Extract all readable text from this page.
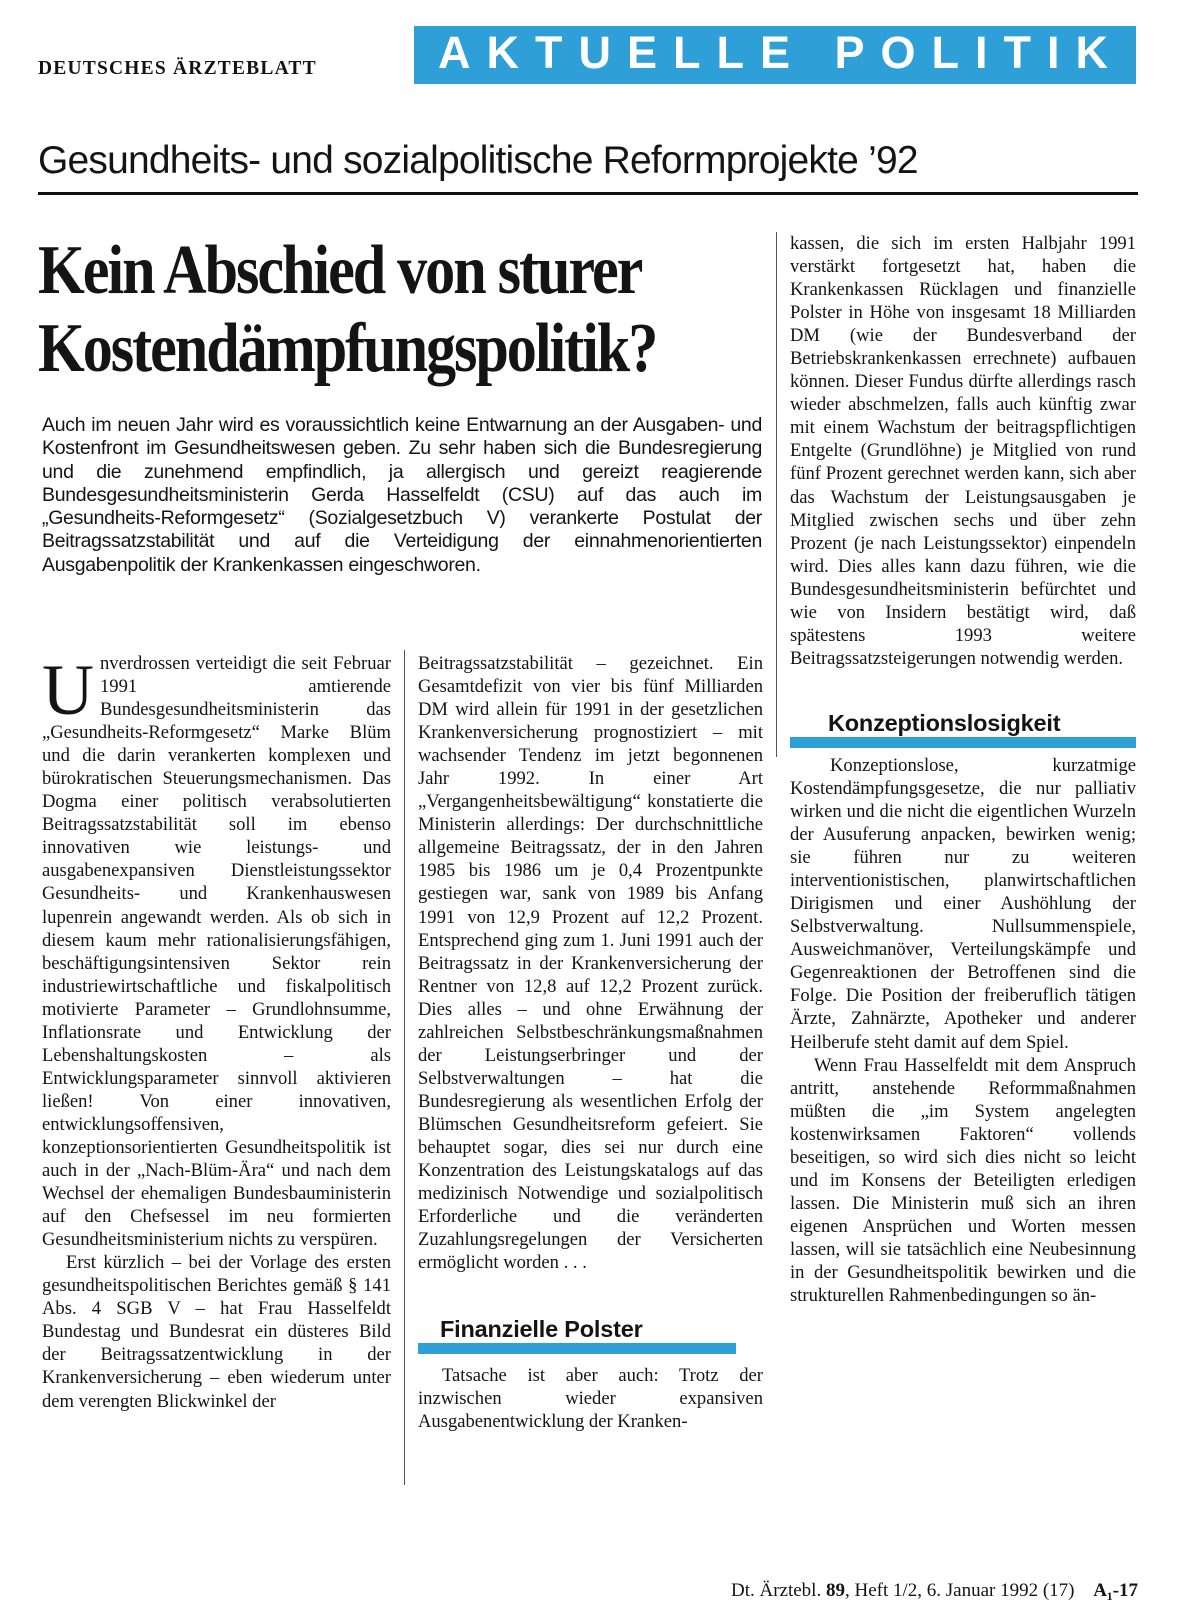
DEUTSCHES ÄRZTEBLATT	AKTUELLE POLITIK
Gesundheits- und sozialpolitische Reformprojekte ’92
Kein Abschied von sturer
Kostendämpfungspolitik?

Auch im neuen Jahr wird es voraussichtlich keine Entwarnung an der Ausgaben- und Kostenfront im Gesundheitswesen geben. Zu sehr haben sich die Bundesregierung und die zunehmend empfindlich, ja allergisch und gereizt reagierende Bundesgesundheitsministerin Gerda Hasselfeldt (CSU) auf das auch im „Gesundheits-Reformgesetz“ (Sozialgesetzbuch V) verankerte Postulat der Beitragssatzstabilität und auf die Verteidigung der einnahmenorientierten Ausgabenpolitik der Krankenkassen eingeschworen.

Unverdrossen verteidigt die seit Februar 1991 amtierende Bundesgesundheitsministerin das „Gesundheits-Reformgesetz“ Marke Blüm und die darin verankerten komplexen und bürokratischen Steuerungsmechanismen. Das Dogma einer politisch verabsolutierten Beitragssatzstabilität soll im ebenso innovativen wie leistungs- und ausgabenexpansiven Dienstleistungssektor Gesundheits- und Krankenhauswesen lupenrein angewandt werden. Als ob sich in diesem kaum mehr rationalisierungsfähigen, beschäftigungsintensiven Sektor rein industriewirtschaftliche und fiskalpolitisch motivierte Parameter – Grundlohnsumme, Inflationsrate und Entwicklung der Lebenshaltungskosten – als Entwicklungsparameter sinnvoll aktivieren ließen! Von einer innovativen, entwicklungsoffensiven, konzeptionsorientierten Gesundheitspolitik ist auch in der „Nach-Blüm-Ära“ und nach dem Wechsel der ehemaligen Bundesbauministerin auf den Chefsessel im neu formierten Gesundheitsministerium nichts zu verspüren.

Erst kürzlich – bei der Vorlage des ersten gesundheitspolitischen Berichtes gemäß § 141 Abs. 4 SGB V – hat Frau Hasselfeldt Bundestag und Bundesrat ein düsteres Bild der Beitragssatzentwicklung in der Krankenversicherung – eben wiederum unter dem verengten Blickwinkel der

Beitragssatzstabilität – gezeichnet. Ein Gesamtdefizit von vier bis fünf Milliarden DM wird allein für 1991 in der gesetzlichen Krankenversicherung prognostiziert – mit wachsender Tendenz im jetzt begonnenen Jahr 1992. In einer Art „Vergangenheitsbewältigung“ konstatierte die Ministerin allerdings: Der durchschnittliche allgemeine Beitragssatz, der in den Jahren 1985 bis 1986 um je 0,4 Prozentpunkte gestiegen war, sank von 1989 bis Anfang 1991 von 12,9 Prozent auf 12,2 Prozent. Entsprechend ging zum 1. Juni 1991 auch der Beitragssatz in der Krankenversicherung der Rentner von 12,8 auf 12,2 Prozent zurück. Dies alles – und ohne Erwähnung der zahlreichen Selbstbeschränkungsmaßnahmen der Leistungserbringer und der Selbstverwaltungen – hat die Bundesregierung als wesentlichen Erfolg der Blümschen Gesundheitsreform gefeiert. Sie behauptet sogar, dies sei nur durch eine Konzentration des Leistungskatalogs auf das medizinisch Notwendige und sozialpolitisch Erforderliche und die veränderten Zuzahlungsregelungen der Versicherten ermöglicht worden . . .

Finanzielle Polster

Tatsache ist aber auch: Trotz der inzwischen wieder expansiven Ausgabenentwicklung der Kranken-

kassen, die sich im ersten Halbjahr 1991 verstärkt fortgesetzt hat, haben die Krankenkassen Rücklagen und finanzielle Polster in Höhe von insgesamt 18 Milliarden DM (wie der Bundesverband der Betriebskrankenkassen errechnete) aufbauen können. Dieser Fundus dürfte allerdings rasch wieder abschmelzen, falls auch künftig zwar mit einem Wachstum der beitragspflichtigen Entgelte (Grundlöhne) je Mitglied von rund fünf Prozent gerechnet werden kann, sich aber das Wachstum der Leistungsausgaben je Mitglied zwischen sechs und über zehn Prozent (je nach Leistungssektor) einpendeln wird. Dies alles kann dazu führen, wie die Bundesgesundheitsministerin befürchtet und wie von Insidern bestätigt wird, daß spätestens 1993 weitere Beitragssatzsteigerungen notwendig werden.

Konzeptionslosigkeit

Konzeptionslose, kurzatmige Kostendämpfungsgesetze, die nur palliativ wirken und die nicht die eigentlichen Wurzeln der Ausuferung anpacken, bewirken wenig; sie führen nur zu weiteren interventionistischen, planwirtschaftlichen Dirigismen und einer Aushöhlung der Selbstverwaltung. Nullsummenspiele, Ausweichmanöver, Verteilungskämpfe und Gegenreaktionen der Betroffenen sind die Folge. Die Position der freiberuflich tätigen Ärzte, Zahnärzte, Apotheker und anderer Heilberufe steht damit auf dem Spiel.

Wenn Frau Hasselfeldt mit dem Anspruch antritt, anstehende Reformmaßnahmen müßten die „im System angelegten kostenwirksamen Faktoren“ vollends beseitigen, so wird sich dies nicht so leicht und im Konsens der Beteiligten erledigen lassen. Die Ministerin muß sich an ihren eigenen Ansprüchen und Worten messen lassen, will sie tatsächlich eine Neubesinnung in der Gesundheitspolitik bewirken und die strukturellen Rahmenbedingungen so än-

Dt. Ärztebl. 89, Heft 1/2, 6. Januar 1992 (17) A₁-17
